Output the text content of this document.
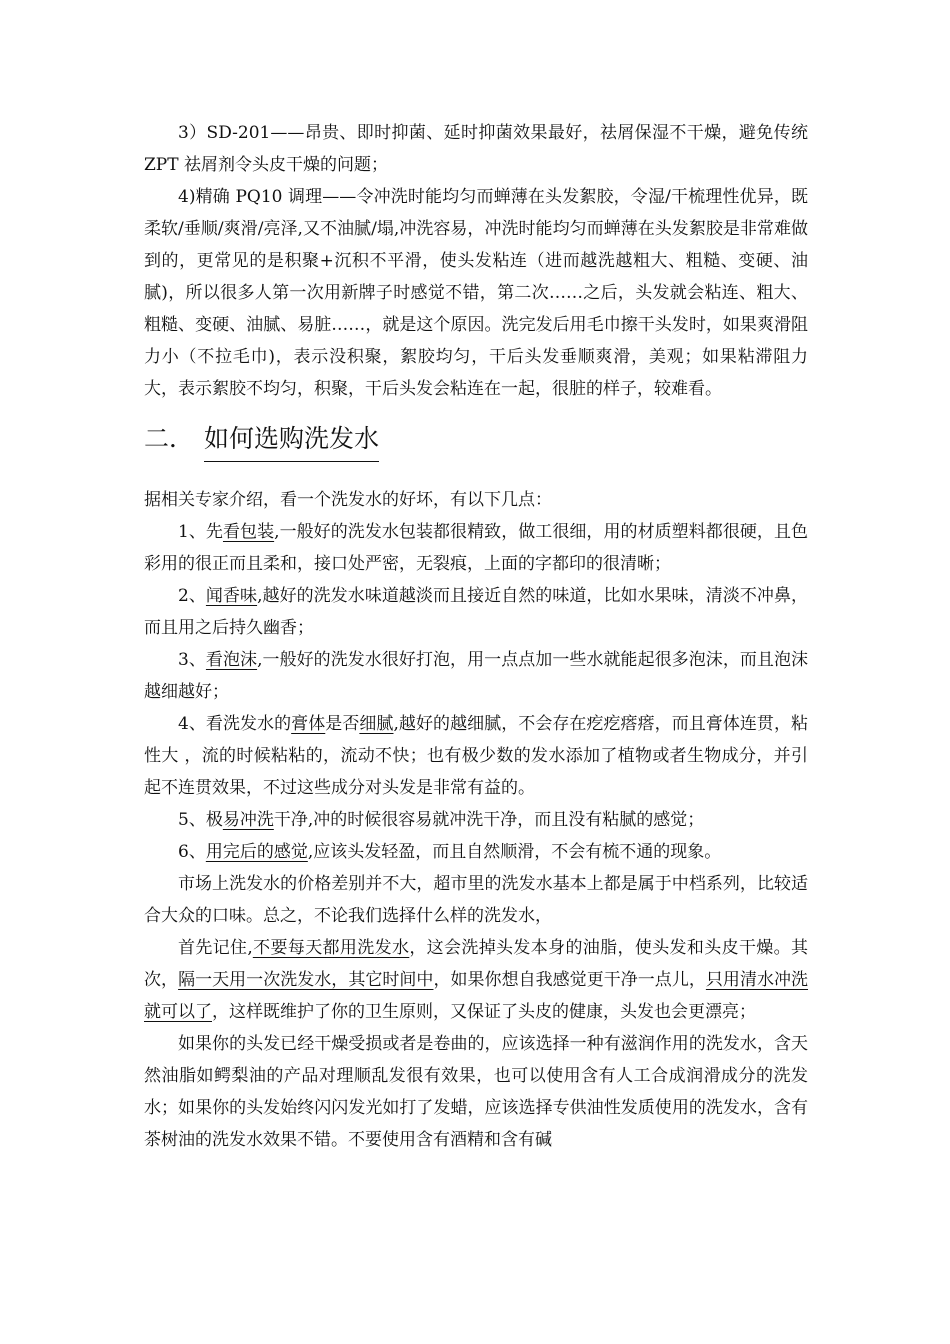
3）SD-201——昂贵、即时抑菌、延时抑菌效果最好，祛屑保湿不干燥，避免传统 ZPT 祛屑剂令头皮干燥的问题；

4)精确 PQ10 调理——令冲洗时能均匀而蝉薄在头发絮胶，令湿/干梳理性优异，既柔软/垂顺/爽滑/亮泽,又不油腻/塌,冲洗容易，冲洗时能均匀而蝉薄在头发絮胶是非常难做到的，更常见的是积聚+沉积不平滑，使头发粘连（进而越洗越粗大、粗糙、变硬、油腻)，所以很多人第一次用新牌子时感觉不错，第二次……之后，头发就会粘连、粗大、粗糙、变硬、油腻、易脏……，就是这个原因。洗完发后用毛巾擦干头发时，如果爽滑阻力小（不拉毛巾)，表示没积聚，絮胶均匀，干后头发垂顺爽滑，美观；如果粘滞阻力大，表示絮胶不均匀，积聚，干后头发会粘连在一起，很脏的样子，较难看。

二． 如何选购洗发水

据相关专家介绍，看一个洗发水的好坏，有以下几点：

1、先看包装,一般好的洗发水包装都很精致，做工很细，用的材质塑料都很硬，且色彩用的很正而且柔和，接口处严密，无裂痕，上面的字都印的很清晰；

2、闻香味,越好的洗发水味道越淡而且接近自然的味道，比如水果味，清淡不冲鼻，而且用之后持久幽香；

3、看泡沫,一般好的洗发水很好打泡，用一点点加一些水就能起很多泡沫，而且泡沫越细越好；

4、看洗发水的膏体是否细腻,越好的越细腻，不会存在疙疙瘩瘩，而且膏体连贯，粘性大 ，流的时候粘粘的，流动不快；也有极少数的发水添加了植物或者生物成分，并引起不连贯效果，不过这些成分对头发是非常有益的。

5、极易冲洗干净,冲的时候很容易就冲洗干净，而且没有粘腻的感觉；

6、用完后的感觉,应该头发轻盈，而且自然顺滑，不会有梳不通的现象。

市场上洗发水的价格差别并不大，超市里的洗发水基本上都是属于中档系列，比较适合大众的口味。总之，不论我们选择什么样的洗发水，

首先记住,不要每天都用洗发水，这会洗掉头发本身的油脂，使头发和头皮干燥。其次，隔一天用一次洗发水，其它时间中，如果你想自我感觉更干净一点儿，只用清水冲洗就可以了，这样既维护了你的卫生原则，又保证了头皮的健康，头发也会更漂亮；

如果你的头发已经干燥受损或者是卷曲的，应该选择一种有滋润作用的洗发水，含天然油脂如鳄梨油的产品对理顺乱发很有效果，也可以使用含有人工合成润滑成分的洗发水；如果你的头发始终闪闪发光如打了发蜡，应该选择专供油性发质使用的洗发水，含有茶树油的洗发水效果不错。不要使用含有酒精和含有碱
